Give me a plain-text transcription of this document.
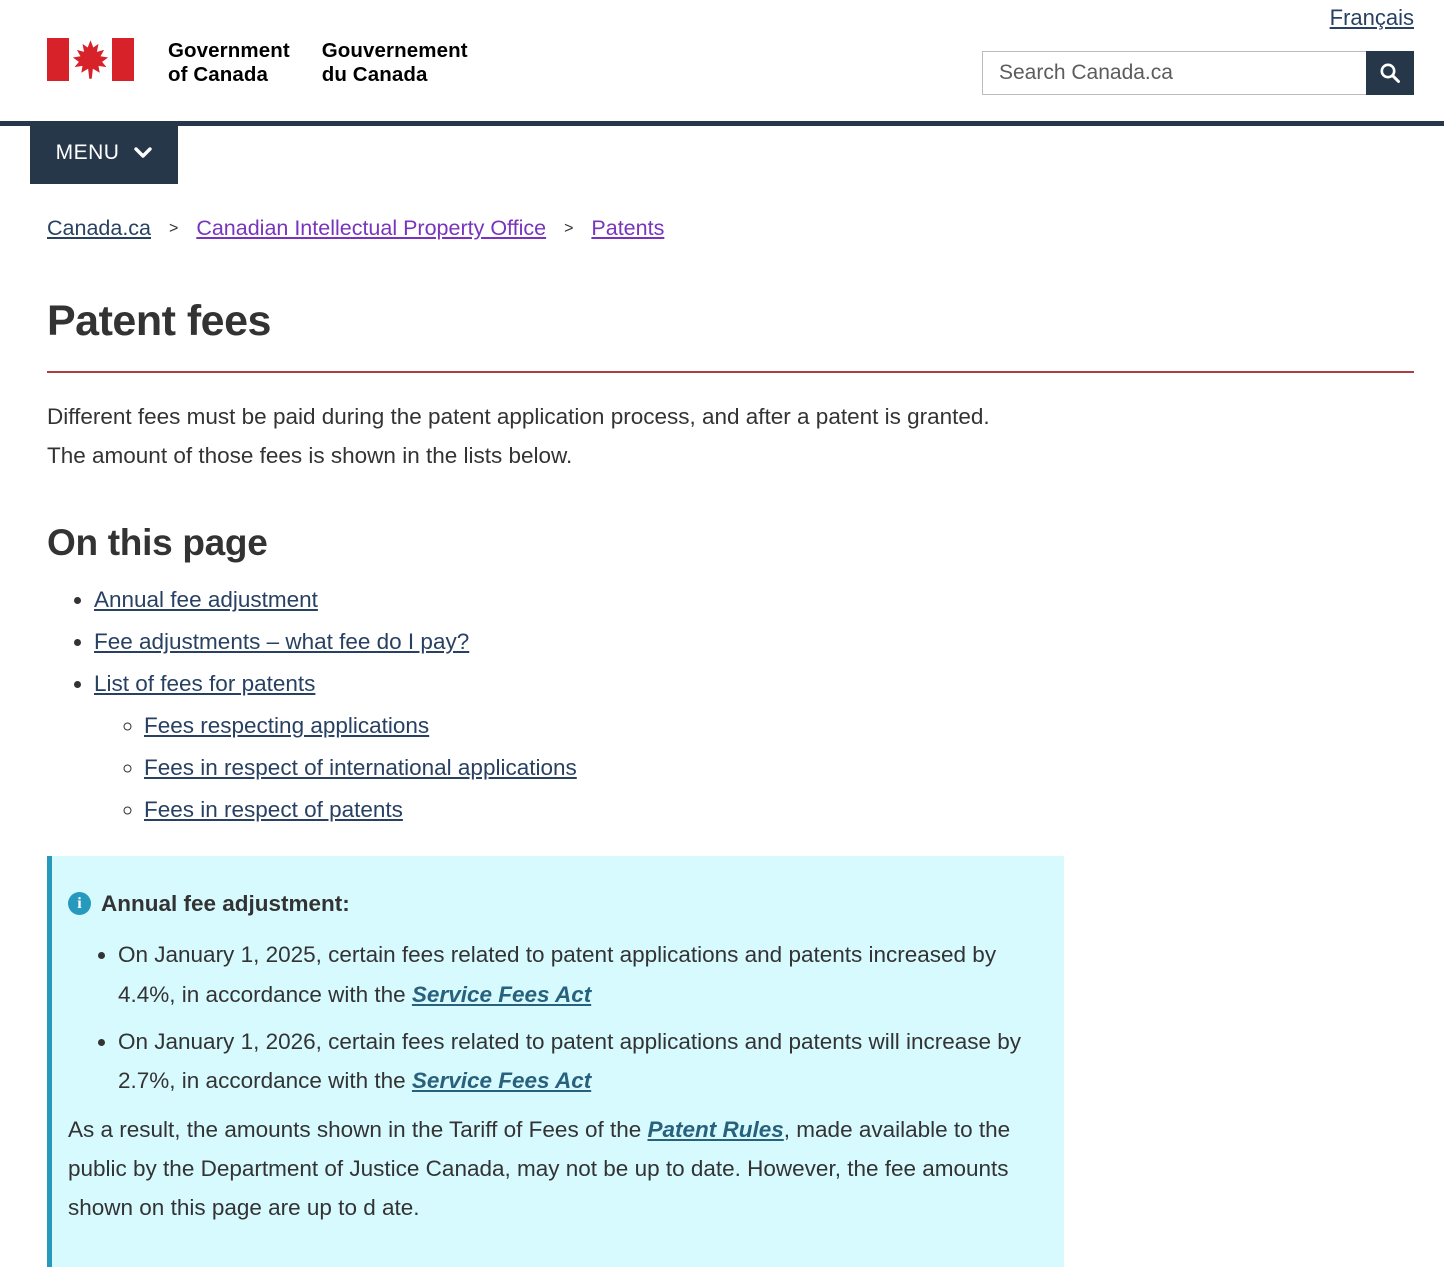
Français
Government
of Canada
Gouvernement
du Canada
Search Canada.ca
MENU
Canada.ca > Canadian Intellectual Property Office > Patents
Patent fees

Different fees must be paid during the patent application process, and after a patent is granted. The amount of those fees is shown in the lists below.

On this page
• Annual fee adjustment
• Fee adjustments – what fee do I pay?
• List of fees for patents
◦ Fees respecting applications
◦ Fees in respect of international applications
◦ Fees in respect of patents

i Annual fee adjustment:

• On January 1, 2025, certain fees related to patent applications and patents increased by 4.4%, in accordance with the Service Fees Act
• On January 1, 2026, certain fees related to patent applications and patents will increase by 2.7%, in accordance with the Service Fees Act

As a result, the amounts shown in the Tariff of Fees of the Patent Rules, made available to the public by the Department of Justice Canada, may not be up to date. However, the fee amounts shown on this page are up to d ate.
